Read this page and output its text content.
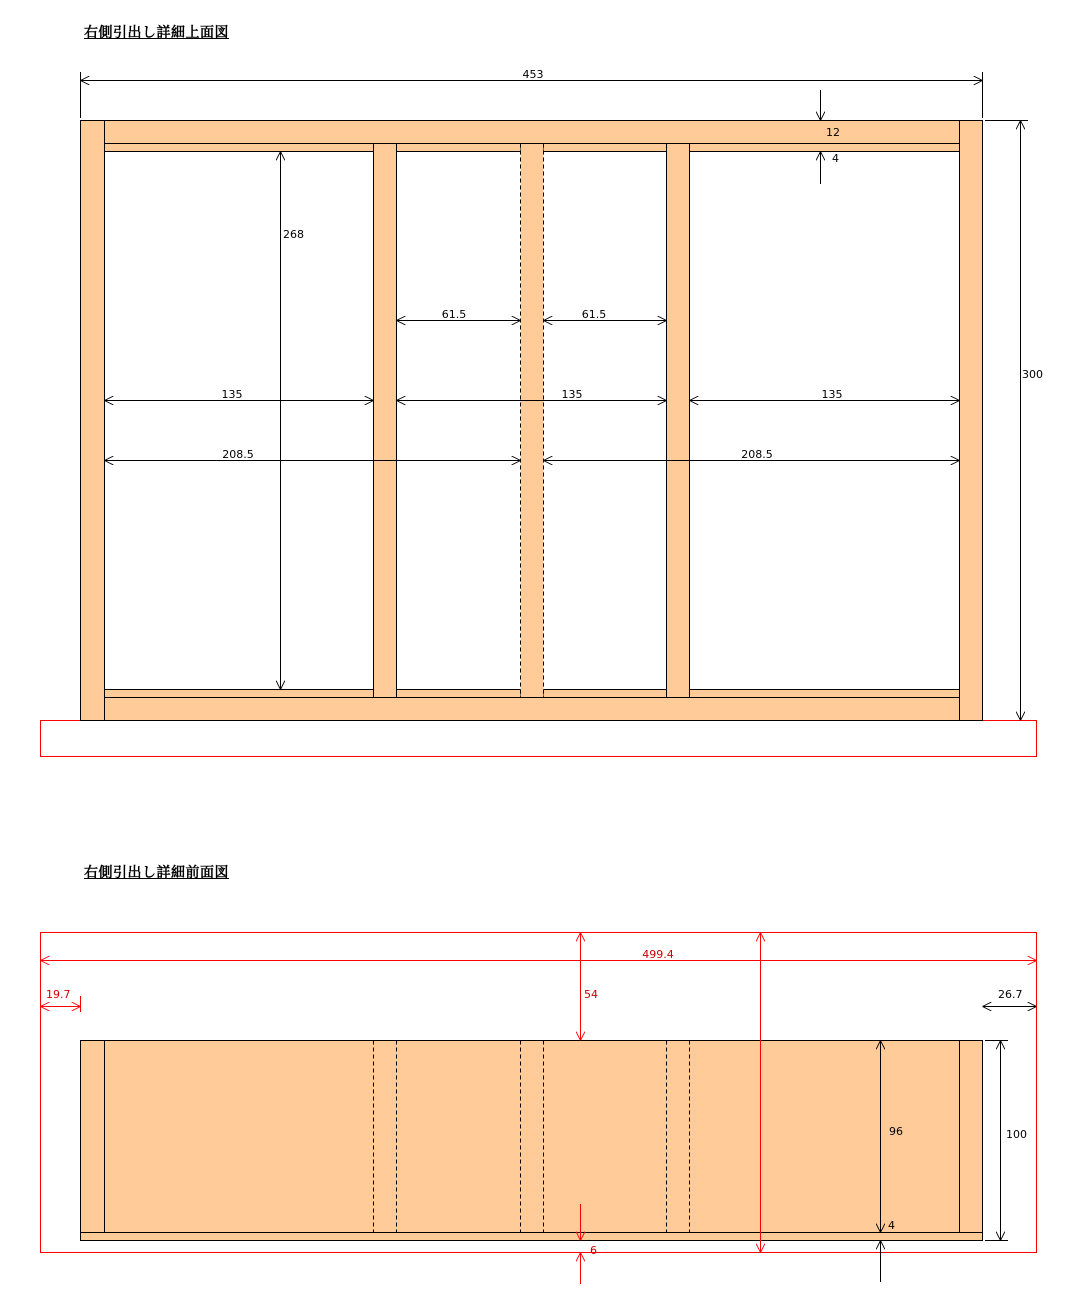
右側引出し詳細上面図
右側引出し詳細前面図
453
300
12
4
268
61.5	61.5
135	135	135
208.5	208.5
499.4
19.7	54
6
26.7
100
96
4
